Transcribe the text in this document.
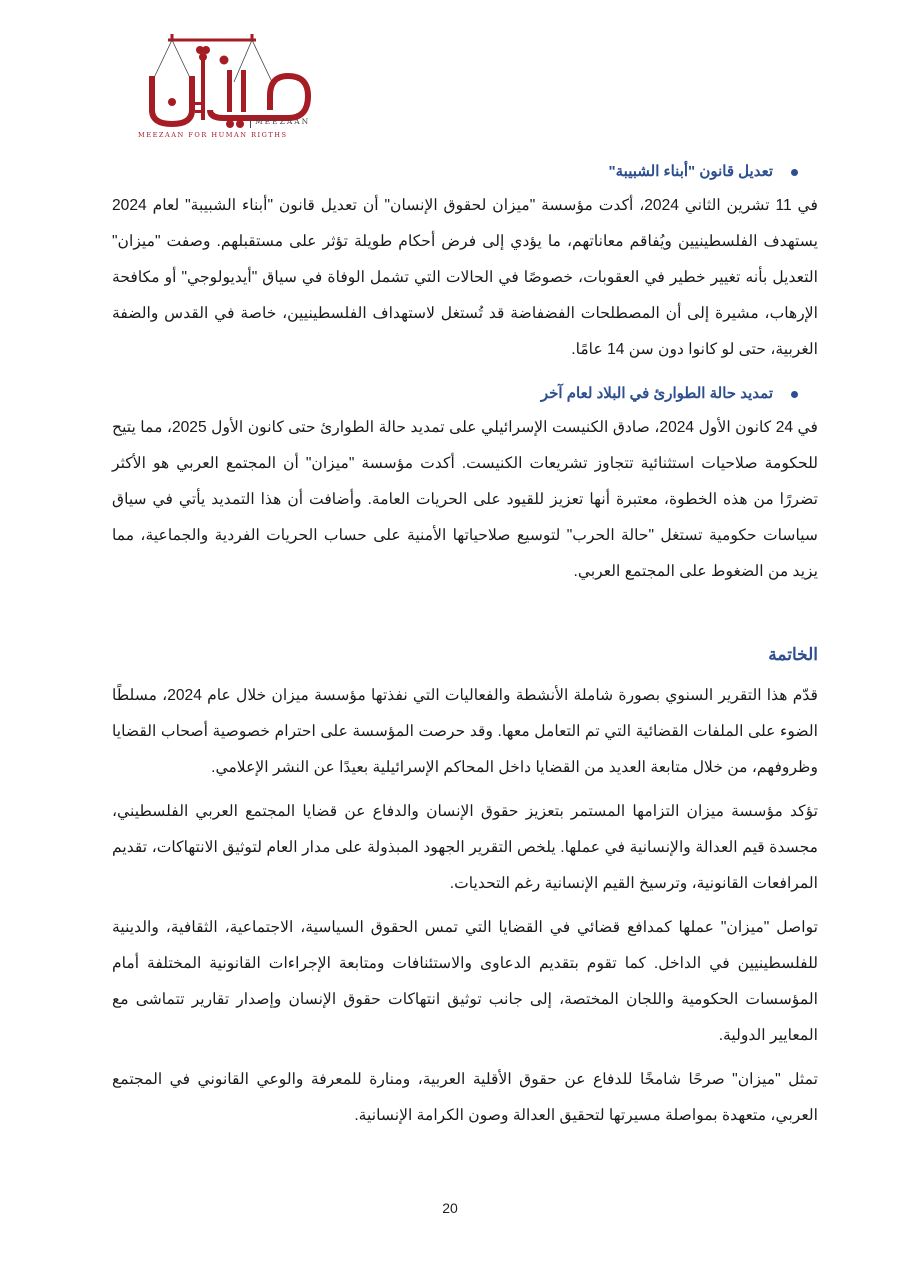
MEEZAAN
MEEZAAN FOR HUMAN RIGTHS
تعديل قانون "أبناء الشبيبة"

في 11 تشرين الثاني 2024، أكدت مؤسسة "ميزان لحقوق الإنسان" أن تعديل قانون "أبناء الشبيبة" لعام 2024 يستهدف الفلسطينيين ويُفاقم معاناتهم، ما يؤدي إلى فرض أحكام طويلة تؤثر على مستقبلهم. وصفت "ميزان" التعديل بأنه تغيير خطير في العقوبات، خصوصًا في الحالات التي تشمل الوفاة في سياق "أيديولوجي" أو مكافحة الإرهاب، مشيرة إلى أن المصطلحات الفضفاضة قد تُستغل لاستهداف الفلسطينيين، خاصة في القدس والضفة الغربية، حتى لو كانوا دون سن 14 عامًا.

تمديد حالة الطوارئ في البلاد لعام آخر

في 24 كانون الأول 2024، صادق الكنيست الإسرائيلي على تمديد حالة الطوارئ حتى كانون الأول 2025، مما يتيح للحكومة صلاحيات استثنائية تتجاوز تشريعات الكنيست. أكدت مؤسسة "ميزان" أن المجتمع العربي هو الأكثر تضررًا من هذه الخطوة، معتبرة أنها تعزيز للقيود على الحريات العامة. وأضافت أن هذا التمديد يأتي في سياق سياسات حكومية تستغل "حالة الحرب" لتوسيع صلاحياتها الأمنية على حساب الحريات الفردية والجماعية، مما يزيد من الضغوط على المجتمع العربي.

الخاتمة

قدّم هذا التقرير السنوي بصورة شاملة الأنشطة والفعاليات التي نفذتها مؤسسة ميزان خلال عام 2024، مسلطًا الضوء على الملفات القضائية التي تم التعامل معها. وقد حرصت المؤسسة على احترام خصوصية أصحاب القضايا وظروفهم، من خلال متابعة العديد من القضايا داخل المحاكم الإسرائيلية بعيدًا عن النشر الإعلامي.

تؤكد مؤسسة ميزان التزامها المستمر بتعزيز حقوق الإنسان والدفاع عن قضايا المجتمع العربي الفلسطيني، مجسدة قيم العدالة والإنسانية في عملها. يلخص التقرير الجهود المبذولة على مدار العام لتوثيق الانتهاكات، تقديم المرافعات القانونية، وترسيخ القيم الإنسانية رغم التحديات.

تواصل "ميزان" عملها كمدافع قضائي في القضايا التي تمس الحقوق السياسية، الاجتماعية، الثقافية، والدينية للفلسطينيين في الداخل. كما تقوم بتقديم الدعاوى والاستئنافات ومتابعة الإجراءات القانونية المختلفة أمام المؤسسات الحكومية واللجان المختصة، إلى جانب توثيق انتهاكات حقوق الإنسان وإصدار تقارير تتماشى مع المعايير الدولية.

تمثل "ميزان" صرحًا شامخًا للدفاع عن حقوق الأقلية العربية، ومنارة للمعرفة والوعي القانوني في المجتمع العربي، متعهدة بمواصلة مسيرتها لتحقيق العدالة وصون الكرامة الإنسانية.

20
